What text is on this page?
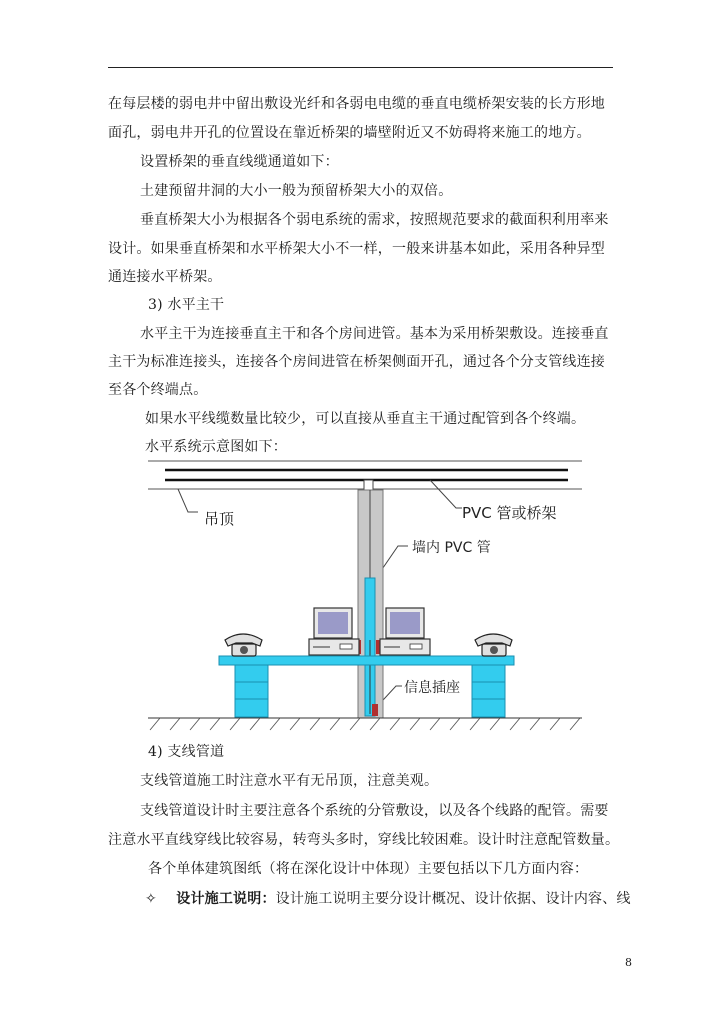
在每层楼的弱电井中留出敷设光纤和各弱电电缆的垂直电缆桥架安装的长方形地
面孔，弱电井开孔的位置设在靠近桥架的墙壁附近又不妨碍将来施工的地方。
设置桥架的垂直线缆通道如下：
土建预留井洞的大小一般为预留桥架大小的双倍。
垂直桥架大小为根据各个弱电系统的需求，按照规范要求的截面积利用率来
设计。如果垂直桥架和水平桥架大小不一样，一般来讲基本如此，采用各种异型
通连接水平桥架。
3) 水平主干
水平主干为连接垂直主干和各个房间进管。基本为采用桥架敷设。连接垂直
主干为标准连接头，连接各个房间进管在桥架侧面开孔，通过各个分支管线连接
至各个终端点。
如果水平线缆数量比较少，可以直接从垂直主干通过配管到各个终端。
水平系统示意图如下：
吊顶	PVC 管或桥架
墙内 PVC 管
信息插座
4) 支线管道
支线管道施工时注意水平有无吊顶，注意美观。
支线管道设计时主要注意各个系统的分管敷设，以及各个线路的配管。需要
注意水平直线穿线比较容易，转弯头多时，穿线比较困难。设计时注意配管数量。
各个单体建筑图纸（将在深化设计中体现）主要包括以下几方面内容：
✧ 设计施工说明：设计施工说明主要分设计概况、设计依据、设计内容、线
8
